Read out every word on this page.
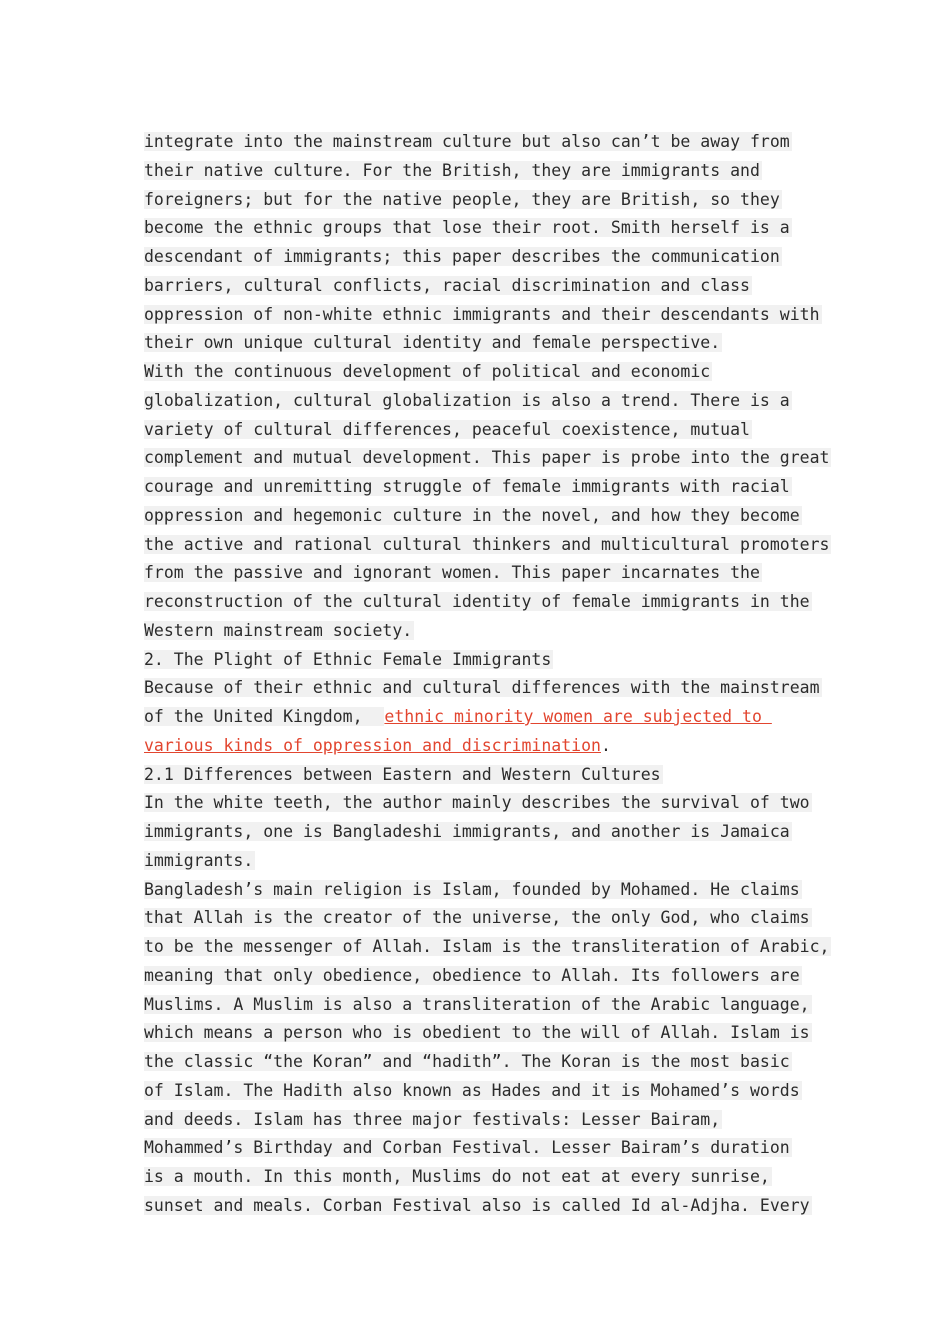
integrate into the mainstream culture but also can’t be away from
their native culture. For the British, they are immigrants and
foreigners; but for the native people, they are British, so they
become the ethnic groups that lose their root. Smith herself is a
descendant of immigrants; this paper describes the communication
barriers, cultural conflicts, racial discrimination and class
oppression of non-white ethnic immigrants and their descendants with
their own unique cultural identity and female perspective.
With the continuous development of political and economic
globalization, cultural globalization is also a trend. There is a
variety of cultural differences, peaceful coexistence, mutual
complement and mutual development. This paper is probe into the great
courage and unremitting struggle of female immigrants with racial
oppression and hegemonic culture in the novel, and how they become
the active and rational cultural thinkers and multicultural promoters
from the passive and ignorant women. This paper incarnates the
reconstruction of the cultural identity of female immigrants in the
Western mainstream society.
2. The Plight of Ethnic Female Immigrants
Because of their ethnic and cultural differences with the mainstream
of the United Kingdom,  ethnic minority women are subjected to
various kinds of oppression and discrimination.
2.1 Differences between Eastern and Western Cultures
In the white teeth, the author mainly describes the survival of two
immigrants, one is Bangladeshi immigrants, and another is Jamaica
immigrants.
Bangladesh’s main religion is Islam, founded by Mohamed. He claims
that Allah is the creator of the universe, the only God, who claims
to be the messenger of Allah. Islam is the transliteration of Arabic,
meaning that only obedience, obedience to Allah. Its followers are
Muslims. A Muslim is also a transliteration of the Arabic language,
which means a person who is obedient to the will of Allah. Islam is
the classic “the Koran” and “hadith”. The Koran is the most basic
of Islam. The Hadith also known as Hades and it is Mohamed’s words
and deeds. Islam has three major festivals: Lesser Bairam,
Mohammed’s Birthday and Corban Festival. Lesser Bairam’s duration
is a mouth. In this month, Muslims do not eat at every sunrise,
sunset and meals. Corban Festival also is called Id al-Adjha. Every
